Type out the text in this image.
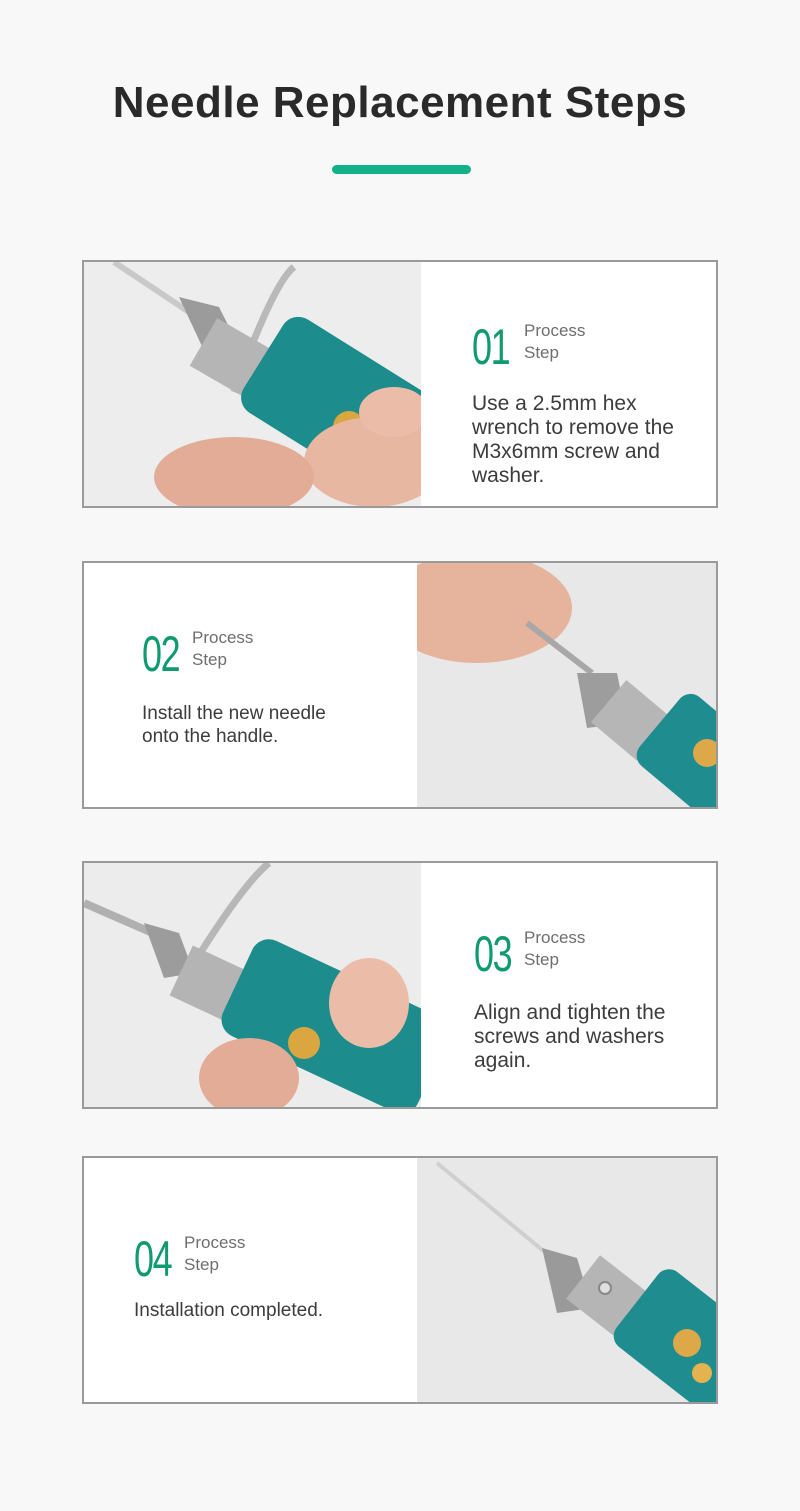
Needle Replacement Steps
01 Process
Step
Use a 2.5mm hex wrench to remove the M3x6mm screw and washer.
02 Process
Step
Install the new needle onto the handle.
03 Process
Step
Align and tighten the screws and washers again.
04 Process
Step
Installation completed.
